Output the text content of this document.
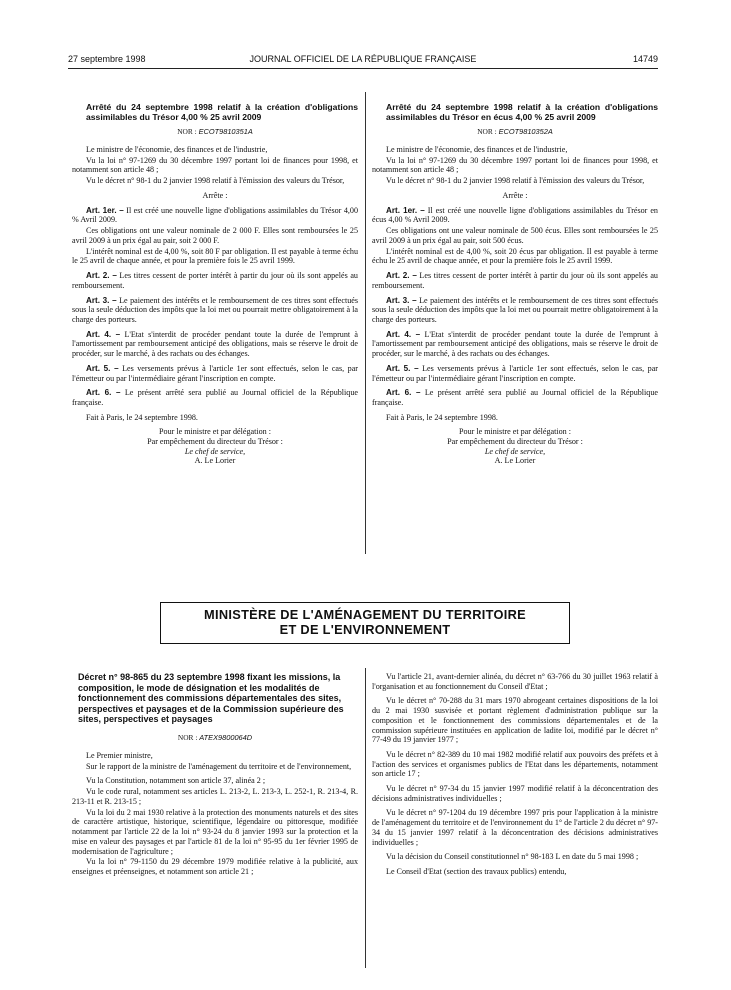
27 septembre 1998	JOURNAL OFFICIEL DE LA RÉPUBLIQUE FRANÇAISE	14749

Arrêté du 24 septembre 1998 relatif à la création d'obligations assimilables du Trésor 4,00 % 25 avril 2009

NOR : ECOT9810351A

Le ministre de l'économie, des finances et de l'industrie,

Vu la loi n° 97-1269 du 30 décembre 1997 portant loi de finances pour 1998, et notamment son article 48 ;

Vu le décret n° 98-1 du 2 janvier 1998 relatif à l'émission des valeurs du Trésor,

Arrête :

Art. 1er. – Il est créé une nouvelle ligne d'obligations assimilables du Trésor 4,00 % Avril 2009.

Ces obligations ont une valeur nominale de 2 000 F. Elles sont remboursées le 25 avril 2009 à un prix égal au pair, soit 2 000 F.

L'intérêt nominal est de 4,00 %, soit 80 F par obligation. Il est payable à terme échu le 25 avril de chaque année, et pour la première fois le 25 avril 1999.

Art. 2. – Les titres cessent de porter intérêt à partir du jour où ils sont appelés au remboursement.

Art. 3. – Le paiement des intérêts et le remboursement de ces titres sont effectués sous la seule déduction des impôts que la loi met ou pourrait mettre obligatoirement à la charge des porteurs.

Art. 4. – L'Etat s'interdit de procéder pendant toute la durée de l'emprunt à l'amortissement par remboursement anticipé des obligations, mais se réserve le droit de procéder, sur le marché, à des rachats ou des échanges.

Art. 5. – Les versements prévus à l'article 1er sont effectués, selon le cas, par l'émetteur ou par l'intermédiaire gérant l'inscription en compte.

Art. 6. – Le présent arrêté sera publié au Journal officiel de la République française.

Fait à Paris, le 24 septembre 1998.

Pour le ministre et par délégation :

Par empêchement du directeur du Trésor :

Le chef de service,

A. Le Lorier

Arrêté du 24 septembre 1998 relatif à la création d'obligations assimilables du Trésor en écus 4,00 % 25 avril 2009

NOR : ECOT9810352A

Le ministre de l'économie, des finances et de l'industrie,

Vu la loi n° 97-1269 du 30 décembre 1997 portant loi de finances pour 1998, et notamment son article 48 ;

Vu le décret n° 98-1 du 2 janvier 1998 relatif à l'émission des valeurs du Trésor,

Arrête :

Art. 1er. – Il est créé une nouvelle ligne d'obligations assimilables du Trésor en écus 4,00 % Avril 2009.

Ces obligations ont une valeur nominale de 500 écus. Elles sont remboursées le 25 avril 2009 à un prix égal au pair, soit 500 écus.

L'intérêt nominal est de 4,00 %, soit 20 écus par obligation. Il est payable à terme échu le 25 avril de chaque année, et pour la première fois le 25 avril 1999.

Art. 2. – Les titres cessent de porter intérêt à partir du jour où ils sont appelés au remboursement.

Art. 3. – Le paiement des intérêts et le remboursement de ces titres sont effectués sous la seule déduction des impôts que la loi met ou pourrait mettre obligatoirement à la charge des porteurs.

Art. 4. – L'Etat s'interdit de procéder pendant toute la durée de l'emprunt à l'amortissement par remboursement anticipé des obligations, mais se réserve le droit de procéder, sur le marché, à des rachats ou des échanges.

Art. 5. – Les versements prévus à l'article 1er sont effectués, selon le cas, par l'émetteur ou par l'intermédiaire gérant l'inscription en compte.

Art. 6. – Le présent arrêté sera publié au Journal officiel de la République française.

Fait à Paris, le 24 septembre 1998.

Pour le ministre et par délégation :

Par empêchement du directeur du Trésor :

Le chef de service,

A. Le Lorier

MINISTÈRE DE L'AMÉNAGEMENT DU TERRITOIRE
ET DE L'ENVIRONNEMENT

Décret n° 98-865 du 23 septembre 1998 fixant les missions, la composition, le mode de désignation et les modalités de fonctionnement des commissions départementales des sites, perspectives et paysages et de la Commission supérieure des sites, perspectives et paysages

NOR : ATEX9800064D

Le Premier ministre,

Sur le rapport de la ministre de l'aménagement du territoire et de l'environnement,

Vu la Constitution, notamment son article 37, alinéa 2 ;

Vu le code rural, notamment ses articles L. 213-2, L. 213-3, L. 252-1, R. 213-4, R. 213-11 et R. 213-15 ;

Vu la loi du 2 mai 1930 relative à la protection des monuments naturels et des sites de caractère artistique, historique, scientifique, légendaire ou pittoresque, modifiée notamment par l'article 22 de la loi n° 93-24 du 8 janvier 1993 sur la protection et la mise en valeur des paysages et par l'article 81 de la loi n° 95-95 du 1er février 1995 de modernisation de l'agriculture ;

Vu la loi n° 79-1150 du 29 décembre 1979 modifiée relative à la publicité, aux enseignes et préenseignes, et notamment son article 21 ;

Vu l'article 21, avant-dernier alinéa, du décret n° 63-766 du 30 juillet 1963 relatif à l'organisation et au fonctionnement du Conseil d'Etat ;

Vu le décret n° 70-288 du 31 mars 1970 abrogeant certaines dispositions de la loi du 2 mai 1930 susvisée et portant règlement d'administration publique sur la composition et le fonctionnement des commissions départementales et de la commission supérieure instituées en application de ladite loi, modifié par le décret n° 77-49 du 19 janvier 1977 ;

Vu le décret n° 82-389 du 10 mai 1982 modifié relatif aux pouvoirs des préfets et à l'action des services et organismes publics de l'Etat dans les départements, notamment son article 17 ;

Vu le décret n° 97-34 du 15 janvier 1997 modifié relatif à la déconcentration des décisions administratives individuelles ;

Vu le décret n° 97-1204 du 19 décembre 1997 pris pour l'application à la ministre de l'aménagement du territoire et de l'environnement du 1° de l'article 2 du décret n° 97-34 du 15 janvier 1997 relatif à la déconcentration des décisions administratives individuelles ;

Vu la décision du Conseil constitutionnel n° 98-183 L en date du 5 mai 1998 ;

Le Conseil d'Etat (section des travaux publics) entendu,
